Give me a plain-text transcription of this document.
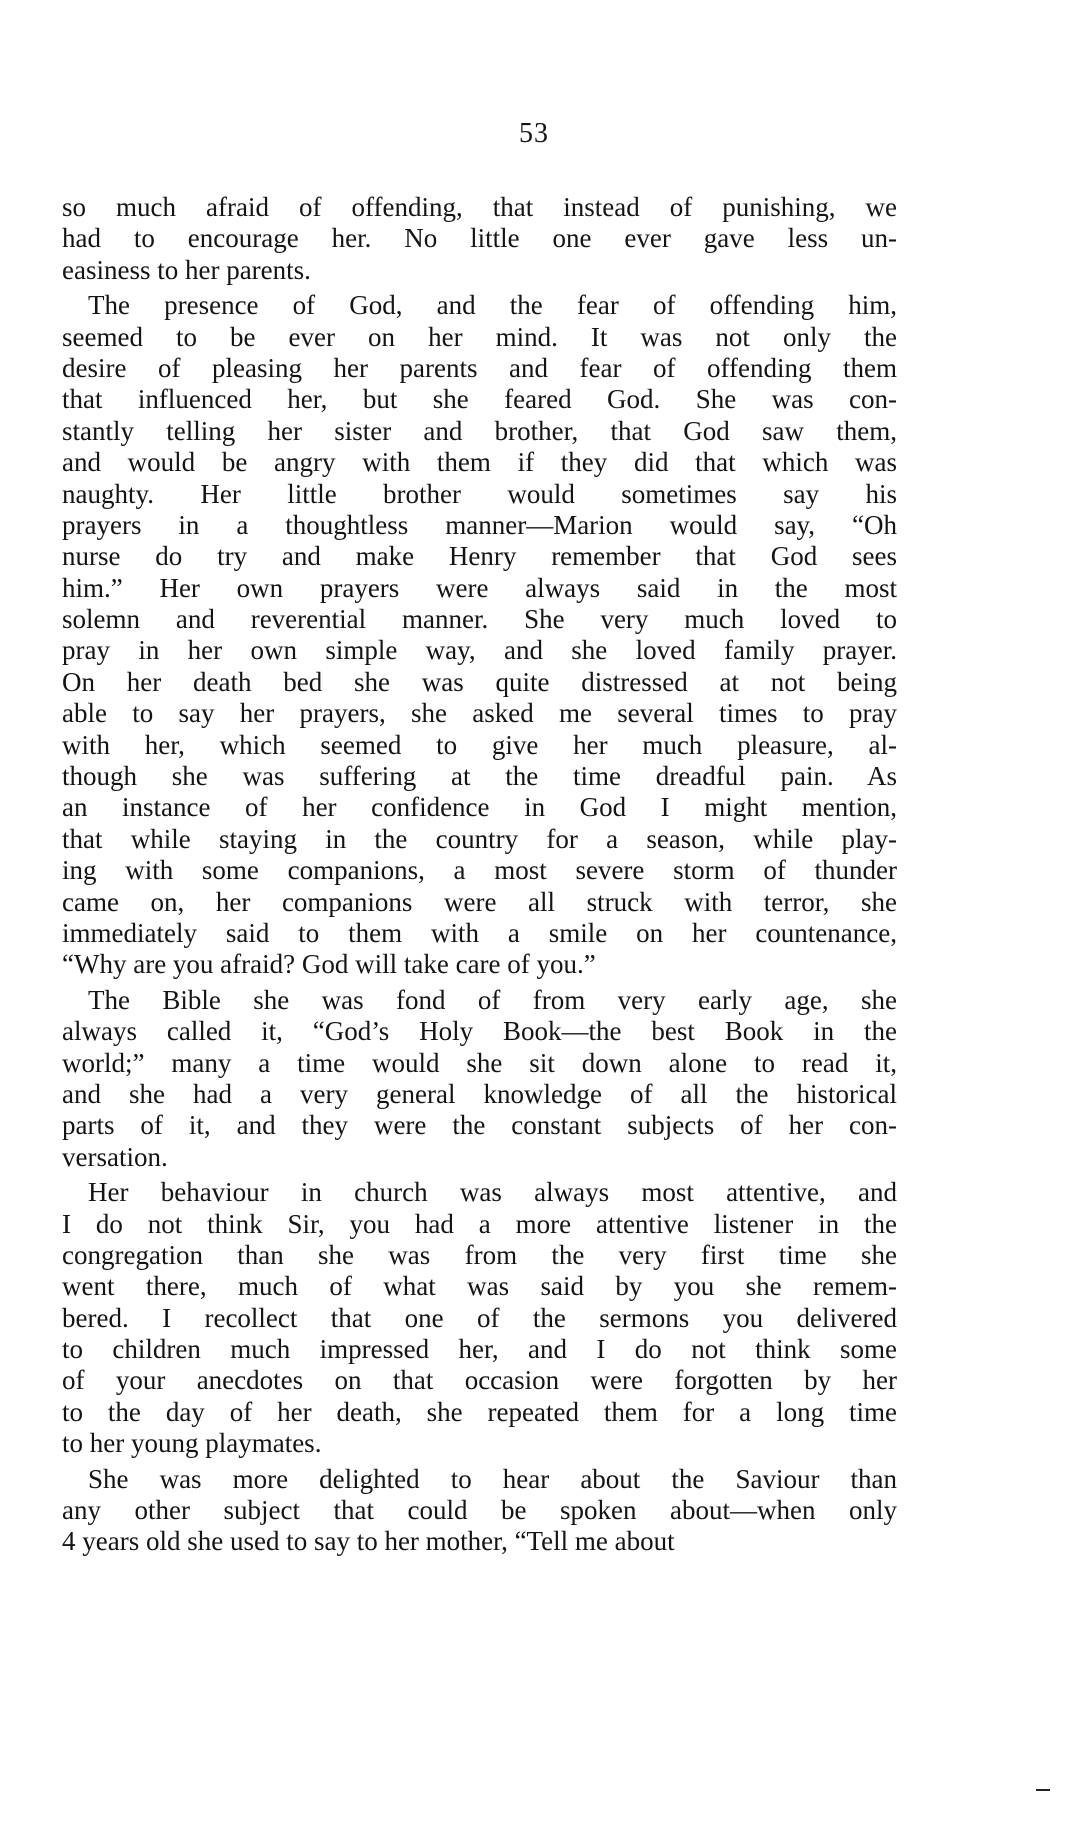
53
so much afraid of offending, that instead of punishing, we
had to encourage her. No little one ever gave less un-
easiness to her parents.
The presence of God, and the fear of offending him,
seemed to be ever on her mind. It was not only the
desire of pleasing her parents and fear of offending them
that influenced her, but she feared God. She was con-
stantly telling her sister and brother, that God saw them,
and would be angry with them if they did that which was
naughty. Her little brother would sometimes say his
prayers in a thoughtless manner—Marion would say, “Oh
nurse do try and make Henry remember that God sees
him.” Her own prayers were always said in the most
solemn and reverential manner. She very much loved to
pray in her own simple way, and she loved family prayer.
On her death bed she was quite distressed at not being
able to say her prayers, she asked me several times to pray
with her, which seemed to give her much pleasure, al-
though she was suffering at the time dreadful pain. As
an instance of her confidence in God I might mention,
that while staying in the country for a season, while play-
ing with some companions, a most severe storm of thunder
came on, her companions were all struck with terror, she
immediately said to them with a smile on her countenance,
“Why are you afraid? God will take care of you.”
The Bible she was fond of from very early age, she
always called it, “God’s Holy Book—the best Book in the
world;” many a time would she sit down alone to read it,
and she had a very general knowledge of all the historical
parts of it, and they were the constant subjects of her con-
versation.
Her behaviour in church was always most attentive, and
I do not think Sir, you had a more attentive listener in the
congregation than she was from the very first time she
went there, much of what was said by you she remem-
bered. I recollect that one of the sermons you delivered
to children much impressed her, and I do not think some
of your anecdotes on that occasion were forgotten by her
to the day of her death, she repeated them for a long time
to her young playmates.
She was more delighted to hear about the Saviour than
any other subject that could be spoken about—when only
4 years old she used to say to her mother, “Tell me about
